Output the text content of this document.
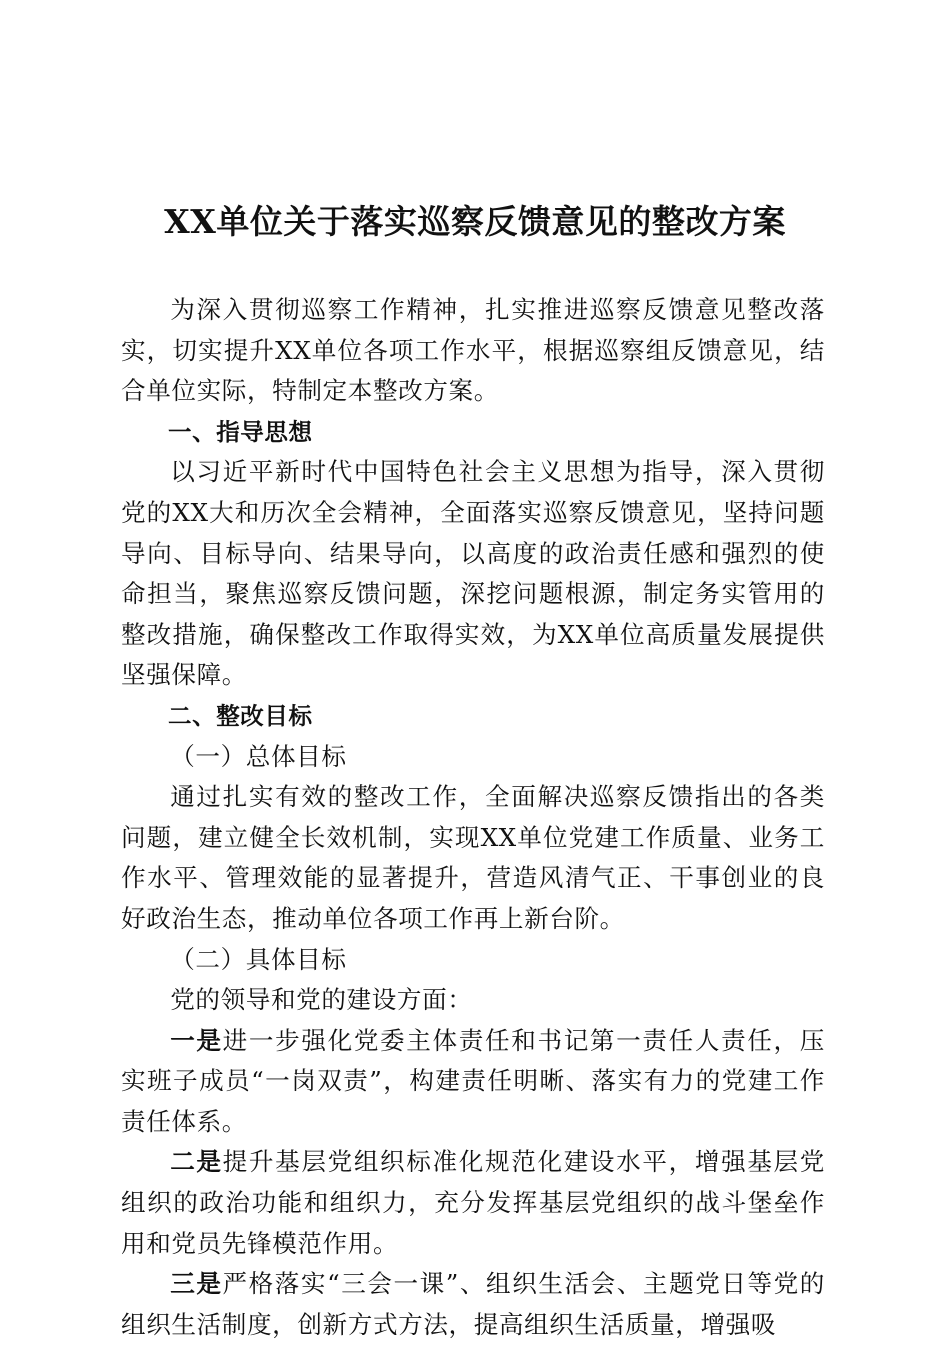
XX单位关于落实巡察反馈意见的整改方案

为深入贯彻巡察工作精神，扎实推进巡察反馈意见整改落实，切实提升XX单位各项工作水平，根据巡察组反馈意见，结合单位实际，特制定本整改方案。

一、指导思想

以习近平新时代中国特色社会主义思想为指导，深入贯彻党的XX大和历次全会精神，全面落实巡察反馈意见，坚持问题导向、目标导向、结果导向，以高度的政治责任感和强烈的使命担当，聚焦巡察反馈问题，深挖问题根源，制定务实管用的整改措施，确保整改工作取得实效，为XX单位高质量发展提供坚强保障。

二、整改目标

（一）总体目标

通过扎实有效的整改工作，全面解决巡察反馈指出的各类问题，建立健全长效机制，实现XX单位党建工作质量、业务工作水平、管理效能的显著提升，营造风清气正、干事创业的良好政治生态，推动单位各项工作再上新台阶。

（二）具体目标

党的领导和党的建设方面：

一是进一步强化党委主体责任和书记第一责任人责任，压实班子成员“一岗双责”，构建责任明晰、落实有力的党建工作责任体系。

二是提升基层党组织标准化规范化建设水平，增强基层党组织的政治功能和组织力，充分发挥基层党组织的战斗堡垒作用和党员先锋模范作用。

三是严格落实“三会一课”、组织生活会、主题党日等党的组织生活制度，创新方式方法，提高组织生活质量，增强吸
